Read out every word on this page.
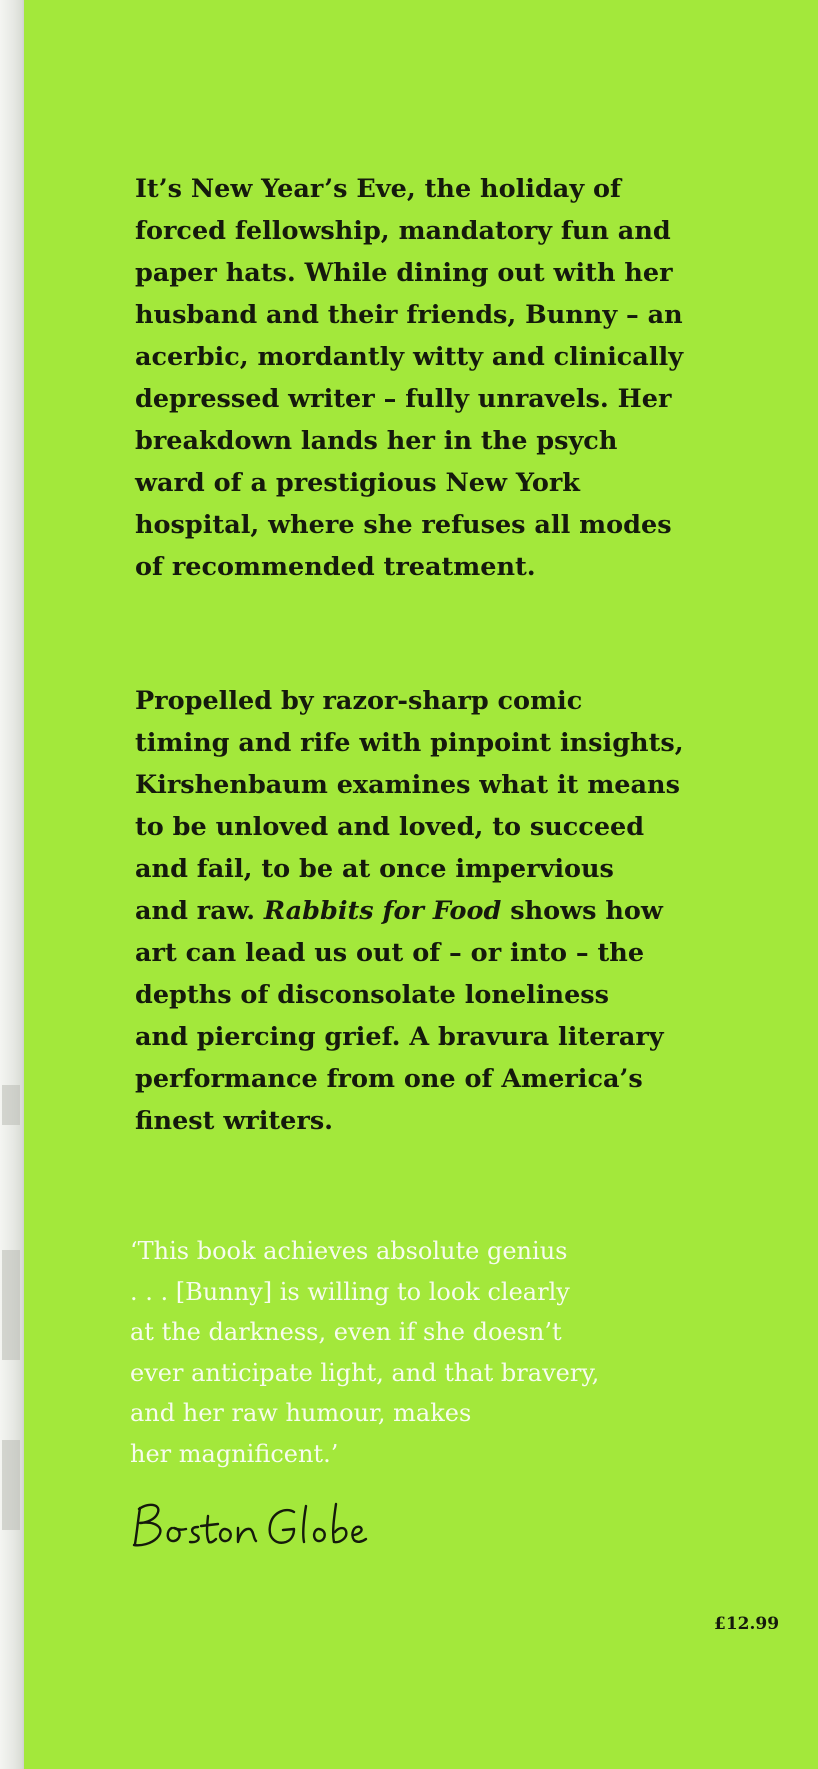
It’s New Year’s Eve, the holiday of
forced fellowship, mandatory fun and
paper hats. While dining out with her
husband and their friends, Bunny – an
acerbic, mordantly witty and clinically
depressed writer – fully unravels. Her
breakdown lands her in the psych
ward of a prestigious New York
hospital, where she refuses all modes
of recommended treatment.

Propelled by razor-sharp comic
timing and rife with pinpoint insights,
Kirshenbaum examines what it means
to be unloved and loved, to succeed
and fail, to be at once impervious
and raw. Rabbits for Food shows how
art can lead us out of – or into – the
depths of disconsolate loneliness
and piercing grief. A bravura literary
performance from one of America’s
finest writers.

‘This book achieves absolute genius
. . . [Bunny] is willing to look clearly
at the darkness, even if she doesn’t
ever anticipate light, and that bravery,
and her raw humour, makes
her magnificent.’

£12.99
